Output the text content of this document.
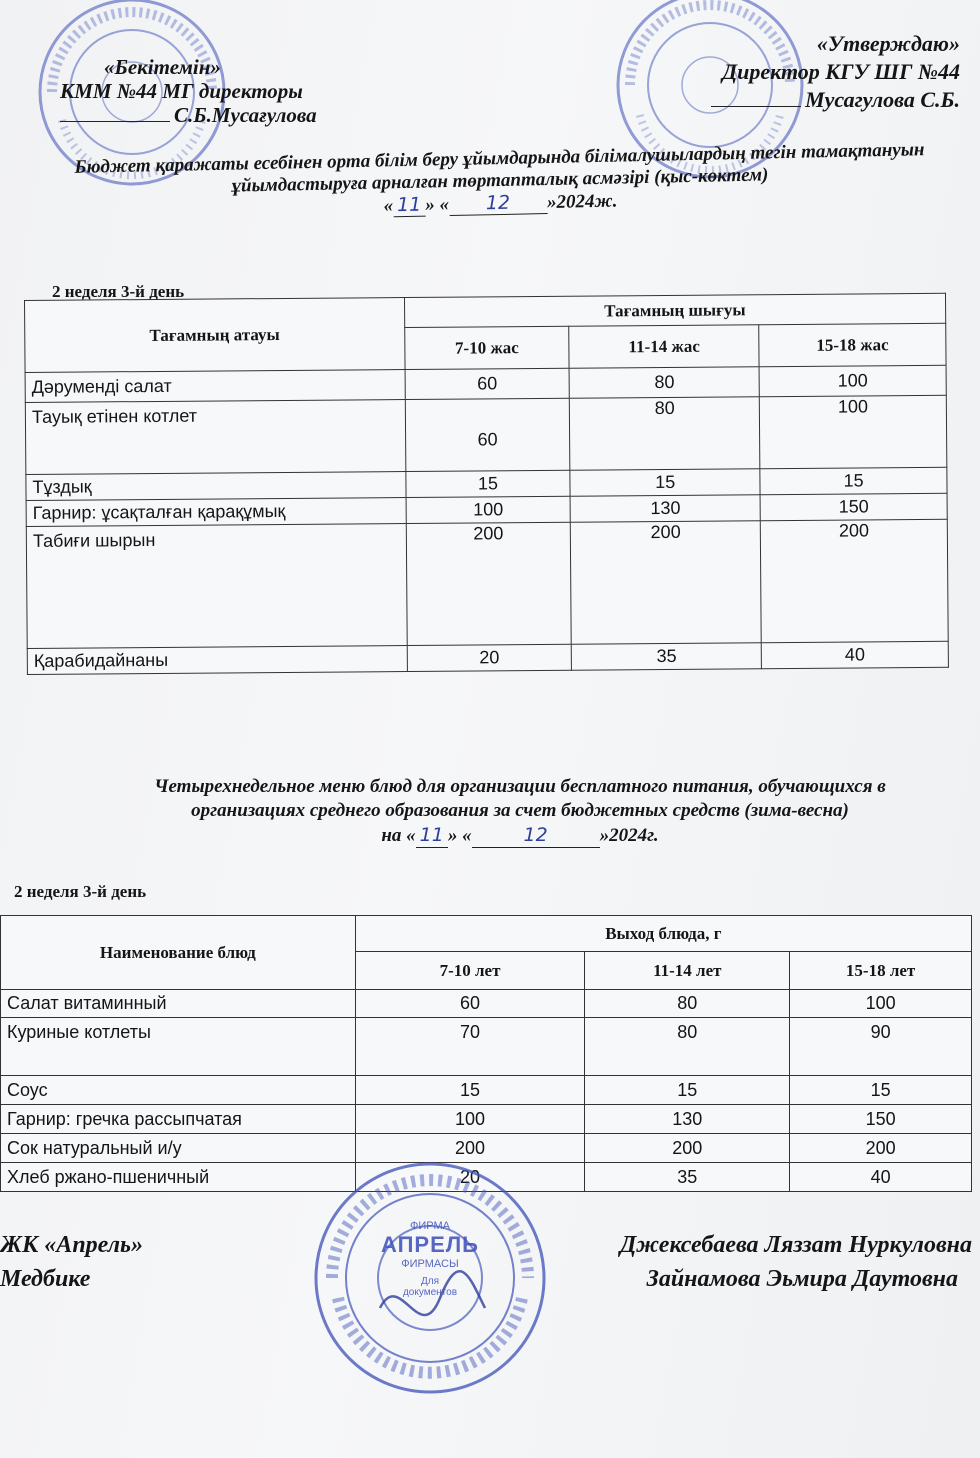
«Бекітемін»
КММ №44 МГ директоры
С.Б.Мусағулова
«Утверждаю»
Директор КГУ ШГ №44
Мусагулова С.Б.
Бюджет қаражаты есебінен орта білім беру ұйымдарында білімалушылардың тегін тамақтануын ұйымдастыруға арналған төртапталық асмәзірі (қыс-көктем)
« 11 » « 12 »2024ж.
2 неделя 3-й день
Тағамның атауы	Тағамның шығуы		
	7-10 жас	11-14 жас	15-18 жас
Дәруменді салат	60	80	100
Тауық етінен котлет	60	80	100
Тұздық	15	15	15
Гарнир: ұсақталған қарақұмық	100	130	150
Табиғи шырын	200	200	200
Қарабидайнаны	20	35	40
Четырехнедельное меню блюд для организации бесплатного питания, обучающихся в
организациях среднего образования за счет бюджетных средств (зима-весна)
на « 11 » «	12	»2024г.
2 неделя 3-й день
Наименование блюд	Выход блюда, г		
	7-10 лет	11-14 лет	15-18 лет
Салат витаминный	60	80	100
Куриные котлеты	70	80	90
Соус	15	15	15
Гарнир: гречка рассыпчатая	100	130	150
Сок натуральный и/у	200	200	200
Хлеб ржано-пшеничный	20	35	40
ЖК «Апрель»
Медбике
Джексебаева Ляззат Нуркуловна
Зайнамова Эьмира Даутовна
ФИРМА
АПРЕЛЬ
ФИРМАСЫ
Для
документов
